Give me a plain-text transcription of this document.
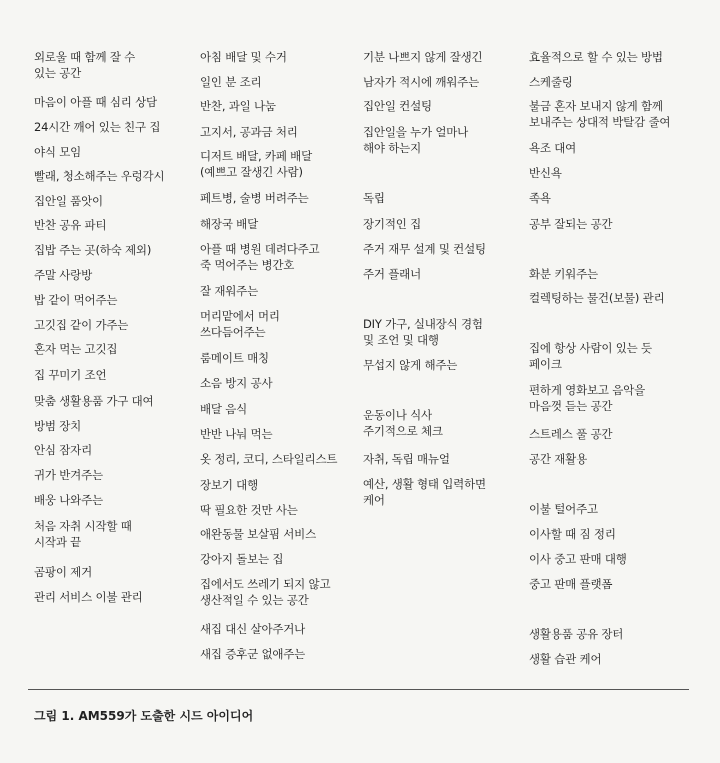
외로울 때 함께 잘 수
있는 공간
마음이 아플 때 심리 상담
24시간 깨어 있는 친구 집
야식 모임
빨래, 청소해주는 우렁각시
집안일 품앗이
반찬 공유 파티
집밥 주는 곳(하숙 제외)
주말 사랑방
밥 같이 먹어주는
고깃집 같이 가주는
혼자 먹는 고깃집
집 꾸미기 조언
맞춤 생활용품 가구 대여
방범 장치
안심 잠자리
귀가 반겨주는
배웅 나와주는
처음 자취 시작할 때
시작과 끝
곰팡이 제거
관리 서비스 이불 관리
아침 배달 및 수거
일인 분 조리
반찬, 과일 나눔
고지서, 공과금 처리
디저트 배달, 카페 배달
(예쁘고 잘생긴 사람)
페트병, 술병 버려주는
해장국 배달
아플 때 병원 데려다주고
죽 먹어주는 병간호
잘 재워주는
머리맡에서 머리
쓰다듬어주는
룸메이트 매칭
소음 방지 공사
배달 음식
반반 나눠 먹는
옷 정리, 코디, 스타일리스트
장보기 대행
딱 필요한 것만 사는
애완동물 보살핌 서비스
강아지 돌보는 집
집에서도 쓰레기 되지 않고
생산적일 수 있는 공간
새집 대신 살아주거나
새집 증후군 없애주는
기분 나쁘지 않게 잘생긴
남자가 적시에 깨워주는
집안일 컨설팅
집안일을 누가 얼마나
해야 하는지
독립
장기적인 집
주거 재무 설계 및 컨설팅
주거 플래너
DIY 가구, 실내장식 경험
및 조언 및 대행
무섭지 않게 해주는
운동이나 식사
주기적으로 체크
자취, 독립 매뉴얼
예산, 생활 형태 입력하면
케어
효율적으로 할 수 있는 방법
스케줄링
불금 혼자 보내지 않게 함께
보내주는 상대적 박탈감 줄여
욕조 대여
반신욕
족욕
공부 잘되는 공간
화분 키워주는
컬렉팅하는 물건(보물) 관리
집에 항상 사람이 있는 듯
페이크
편하게 영화보고 음악을
마음껏 듣는 공간
스트레스 풀 공간
공간 재활용
이불 털어주고
이사할 때 짐 정리
이사 중고 판매 대행
중고 판매 플랫폼
생활용품 공유 장터
생활 습관 케어
그림 1. AM559가 도출한 시드 아이디어
